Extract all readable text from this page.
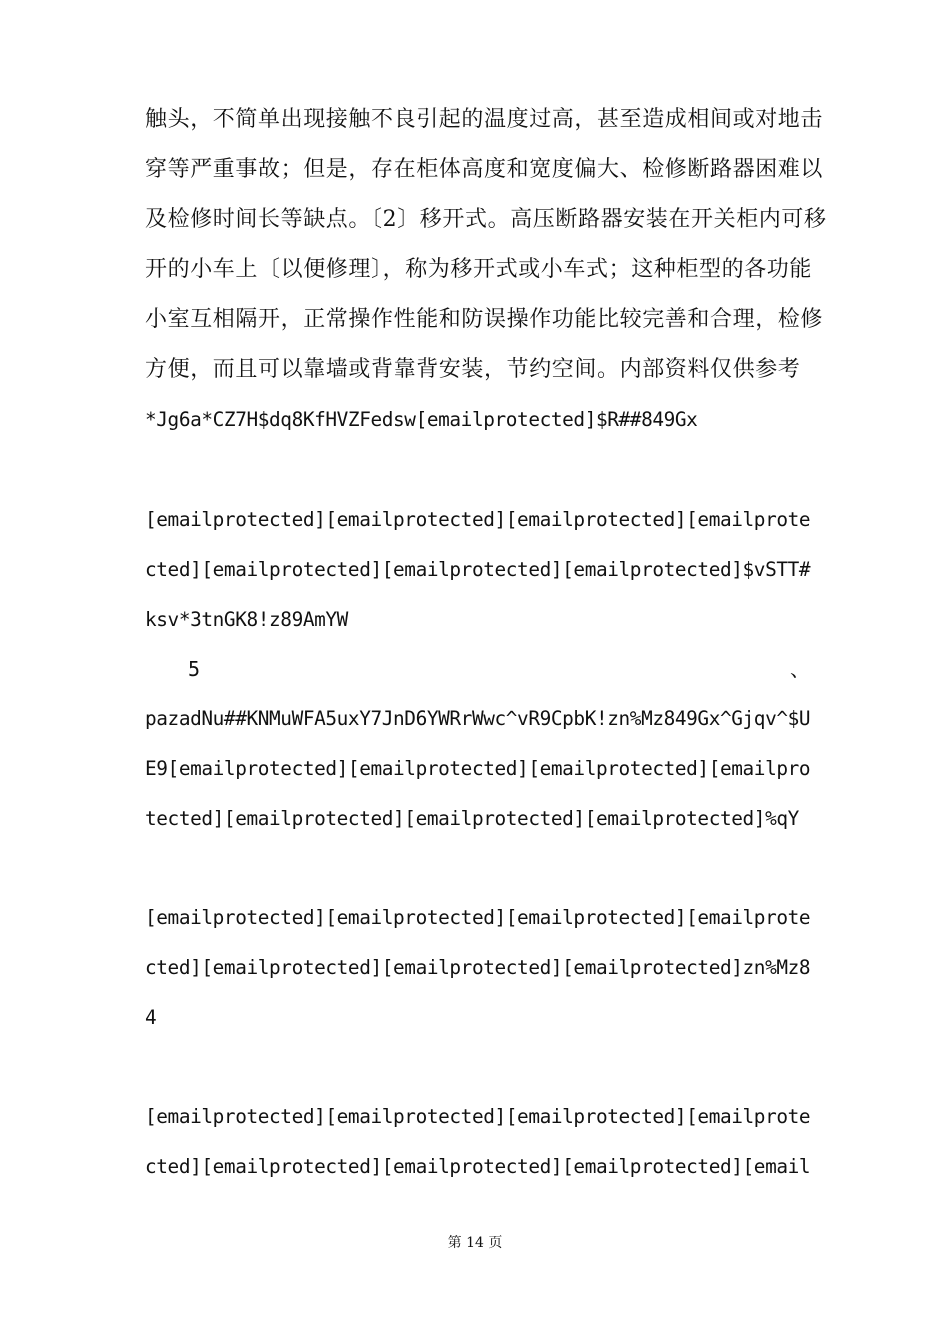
触头，不简单出现接触不良引起的温度过高，甚至造成相间或对地击
穿等严重事故；但是，存在柜体高度和宽度偏大、检修断路器困难以
及检修时间长等缺点。〔2〕移开式。高压断路器安装在开关柜内可移
开的小车上〔以便修理〕，称为移开式或小车式；这种柜型的各功能
小室互相隔开，正常操作性能和防误操作功能比较完善和合理，检修
方便，而且可以靠墙或背靠背安装，节约空间。内部资料仅供参考
*Jg6a*CZ7H$dq8KfHVZFedsw[emailprotected]$R##849Gx
[emailprotected][emailprotected][emailprotected][emailprote
cted][emailprotected][emailprotected][emailprotected]$vSTT#
ksv*3tnGK8!z89AmYW
5	、
pazadNu##KNMuWFA5uxY7JnD6YWRrWwc^vR9CpbK!zn%Mz849Gx^Gjqv^$U
E9[emailprotected][emailprotected][emailprotected][emailpro
tected][emailprotected][emailprotected][emailprotected]%qY
[emailprotected][emailprotected][emailprotected][emailprote
cted][emailprotected][emailprotected][emailprotected]zn%Mz8
4
[emailprotected][emailprotected][emailprotected][emailprote
cted][emailprotected][emailprotected][emailprotected][email
第 14 页
